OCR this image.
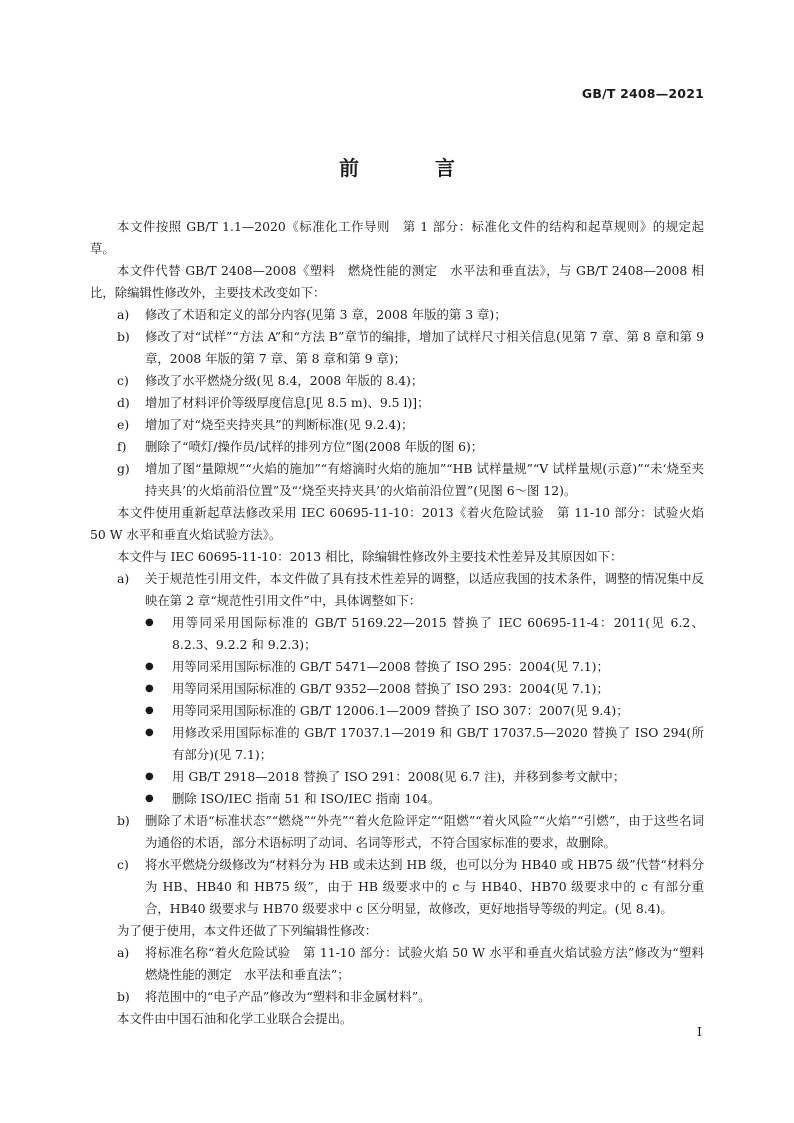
GB/T 2408—2021
前　言

本文件按照 GB/T 1.1—2020《标准化工作导则　第 1 部分：标准化文件的结构和起草规则》的规定起草。

本文件代替 GB/T 2408—2008《塑料　燃烧性能的测定　水平法和垂直法》，与 GB/T 2408—2008 相比，除编辑性修改外，主要技术改变如下：

a)	修改了术语和定义的部分内容(见第 3 章，2008 年版的第 3 章)；
b)	修改了对“试样”“方法 A”和“方法 B”章节的编排，增加了试样尺寸相关信息(见第 7 章、第 8 章和第 9 章，2008 年版的第 7 章、第 8 章和第 9 章)；
c)	修改了水平燃烧分级(见 8.4，2008 年版的 8.4)；
d)	增加了材料评价等级厚度信息[见 8.5 m)、9.5 l)]；
e)	增加了对“烧至夹持夹具”的判断标准(见 9.2.4)；
f)	删除了“喷灯/操作员/试样的排列方位”图(2008 年版的图 6)；
g)	增加了图“量隙规”“火焰的施加”“有熔滴时火焰的施加”“HB 试样量规”“V 试样量规(示意)”“未‘烧至夹持夹具’的火焰前沿位置”及“‘烧至夹持夹具’的火焰前沿位置”(见图 6～图 12)。

本文件使用重新起草法修改采用 IEC 60695-11-10：2013《着火危险试验　第 11-10 部分：试验火焰　50 W 水平和垂直火焰试验方法》。

本文件与 IEC 60695-11-10：2013 相比，除编辑性修改外主要技术性差异及其原因如下：

a)	关于规范性引用文件，本文件做了具有技术性差异的调整，以适应我国的技术条件，调整的情况集中反映在第 2 章“规范性引用文件”中，具体调整如下：
●	用等同采用国际标准的 GB/T 5169.22—2015 替换了 IEC 60695-11-4：2011(见 6.2、8.2.3、9.2.2 和 9.2.3)；
●	用等同采用国际标准的 GB/T 5471—2008 替换了 ISO 295：2004(见 7.1)；
●	用等同采用国际标准的 GB/T 9352—2008 替换了 ISO 293：2004(见 7.1)；
●	用等同采用国际标准的 GB/T 12006.1—2009 替换了 ISO 307：2007(见 9.4)；
●	用修改采用国际标准的 GB/T 17037.1—2019 和 GB/T 17037.5—2020 替换了 ISO 294(所有部分)(见 7.1)；
●	用 GB/T 2918—2018 替换了 ISO 291：2008(见 6.7 注)，并移到参考文献中；
●	删除 ISO/IEC 指南 51 和 ISO/IEC 指南 104。
b)	删除了术语“标准状态”“燃烧”“外壳”“着火危险评定”“阻燃”“着火风险”“火焰”“引燃”，由于这些名词为通俗的术语，部分术语标明了动词、名词等形式，不符合国家标准的要求，故删除。
c)	将水平燃烧分级修改为“材料分为 HB 或未达到 HB 级，也可以分为 HB40 或 HB75 级”代替“材料分为 HB、HB40 和 HB75 级”，由于 HB 级要求中的 c 与 HB40、HB70 级要求中的 c 有部分重合，HB40 级要求与 HB70 级要求中 c 区分明显，故修改，更好地指导等级的判定。(见 8.4)。

为了便于使用，本文件还做了下列编辑性修改：

a)	将标准名称“着火危险试验　第 11-10 部分：试验火焰 50 W 水平和垂直火焰试验方法”修改为“塑料　燃烧性能的测定　水平法和垂直法”；
b)	将范围中的“电子产品”修改为“塑料和非金属材料”。

本文件由中国石油和化学工业联合会提出。

I
